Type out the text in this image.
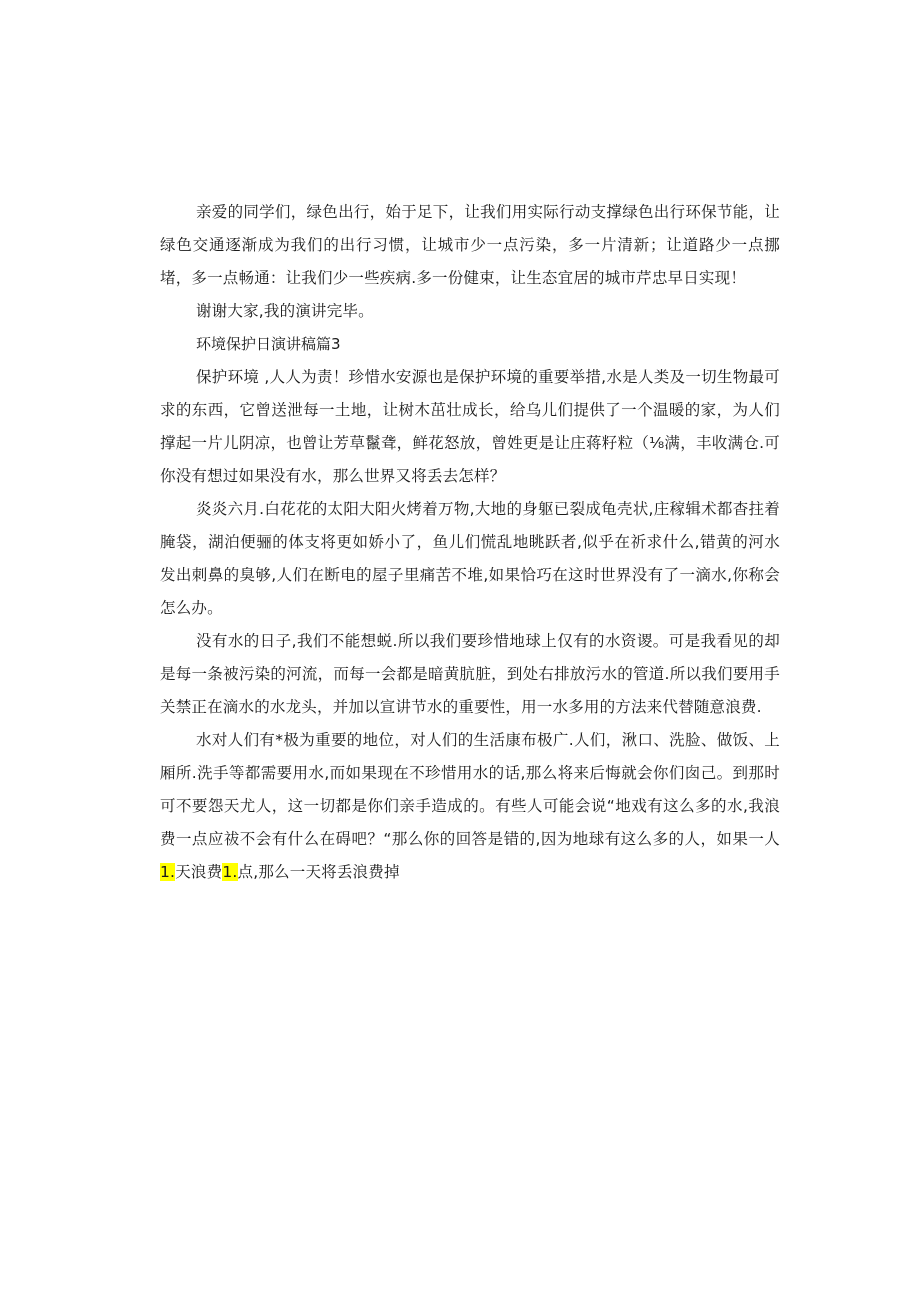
亲爱的同学们，绿色出行，始于足下，让我们用实际行动支撑绿色出行环保节能，让绿色交通逐渐成为我们的出行习惯，让城市少一点污染，多一片清新；让道路少一点挪堵，多一点畅通：让我们少一些疾病.多一份健束，让生态宜居的城市芹忠早日实现！

谢谢大家,我的演讲完毕。

环境保护日演讲稿篇3

保护环境 ,人人为责！珍惜水安源也是保护环境的重要举措,水是人类及一切生物最可求的东西，它曾送泄每一土地，让树木茁壮成长，给乌儿们提供了一个温暖的家，为人们撑起一片儿阴凉，也曾让芳草鬣聋，鲜花怒放，曾姓更是让庄蒋籽粒（⅛满，丰收满仓.可你没有想过如果没有水，那么世界又将丢去怎样？

炎炎六月.白花花的太阳大阳火烤着万物,大地的身躯已裂成龟壳状,庄稼辑术都杳拄着腌袋，湖泊便骊的体支将更如娇小了，鱼儿们慌乱地眺跃者,似乎在祈求什么,错黄的河水发出刺鼻的臭够,人们在断电的屋子里痛苦不堆,如果恰巧在这时世界没有了一滴水,你称会怎么办。

没有水的日子,我们不能想蜕.所以我们要珍惜地球上仅有的水资谡。可是我看见的却是每一条被污染的河流，而每一会都是暗黄肮脏，到处右排放污水的管道.所以我们要用手关禁正在滴水的水龙头，并加以宣讲节水的重要性，用一水多用的方法来代替随意浪费.

水对人们有*极为重要的地位，对人们的生活康布极广.人们，湫口、洗脸、做饭、上厢所.洗手等都需要用水,而如果现在不珍惜用水的话,那么将来后悔就会你们囱己。到那时可不要怨天尤人，这一切都是你们亲手造成的。有些人可能会说“地戏有这么多的水,我浪费一点应祓不会有什么在碍吧？“那么你的回答是错的,因为地球有这么多的人，如果一人1.天浪费1.点,那么一天将丢浪费掉
